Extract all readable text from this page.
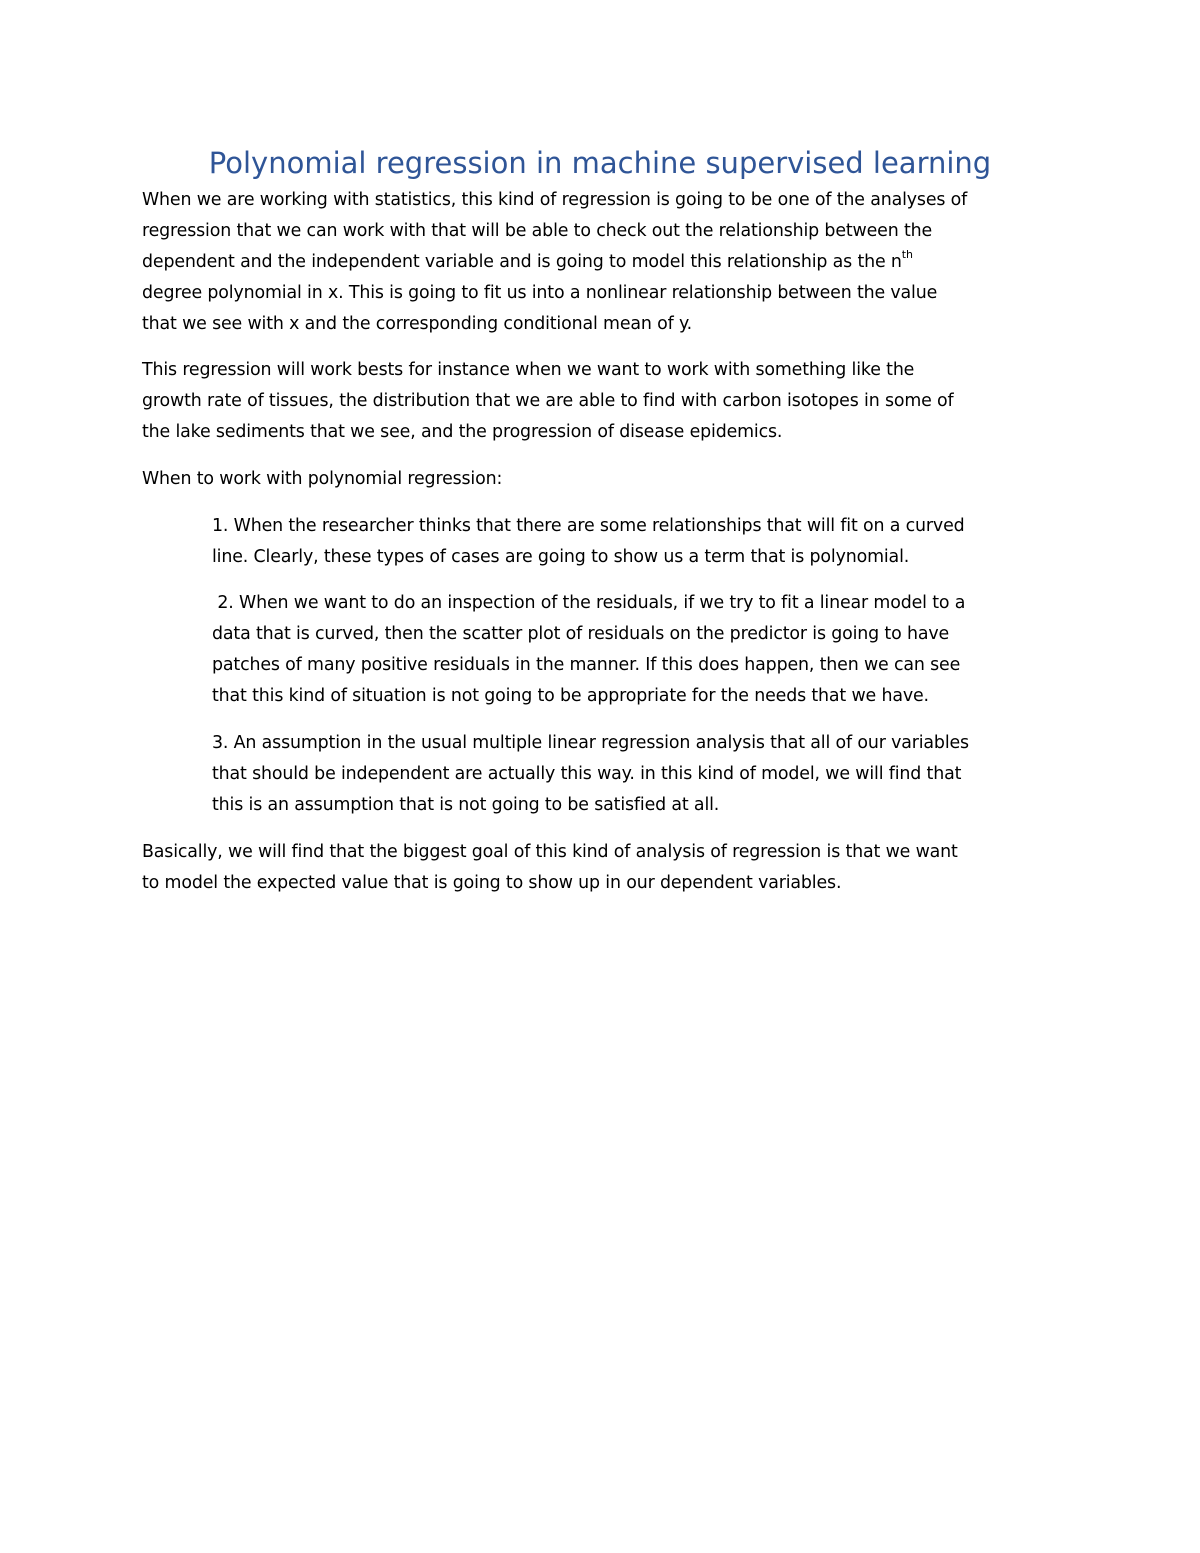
Polynomial regression in machine supervised learning
When we are working with statistics, this kind of regression is going to be one of the analyses of
regression that we can work with that will be able to check out the relationship between the
dependent and the independent variable and is going to model this relationship as the $n^{th}$
degree polynomial in x. This is going to fit us into a nonlinear relationship between the value
that we see with x and the corresponding conditional mean of y.
This regression will work bests for instance when we want to work with something like the
growth rate of tissues, the distribution that we are able to find with carbon isotopes in some of
the lake sediments that we see, and the progression of disease epidemics.
When to work with polynomial regression:
1. When the researcher thinks that there are some relationships that will fit on a curved
line. Clearly, these types of cases are going to show us a term that is polynomial.
2. When we want to do an inspection of the residuals, if we try to fit a linear model to a
data that is curved, then the scatter plot of residuals on the predictor is going to have
patches of many positive residuals in the manner. If this does happen, then we can see
that this kind of situation is not going to be appropriate for the needs that we have.
3. An assumption in the usual multiple linear regression analysis that all of our variables
that should be independent are actually this way. in this kind of model, we will find that
this is an assumption that is not going to be satisfied at all.
Basically, we will find that the biggest goal of this kind of analysis of regression is that we want
to model the expected value that is going to show up in our dependent variables.
